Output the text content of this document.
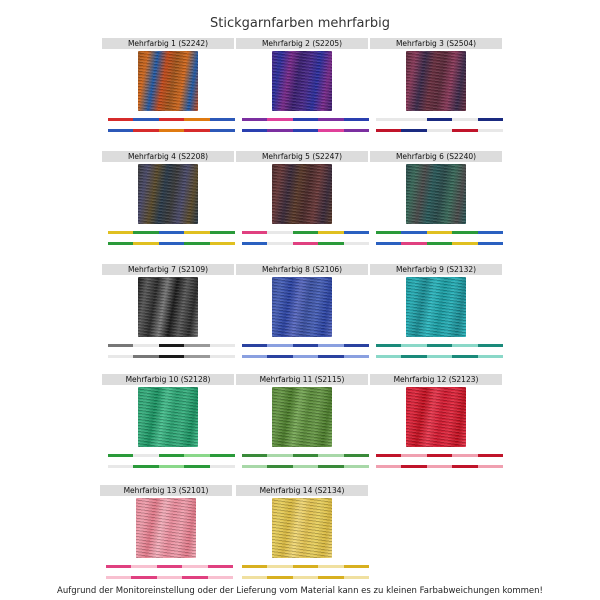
Stickgarnfarben mehrfarbig
Mehrfarbig 1 (S2242)	Mehrfarbig 2 (S2205)	Mehrfarbig 3 (S2504)
Mehrfarbig 4 (S2208)	Mehrfarbig 5 (S2247)	Mehrfarbig 6 (S2240)
Mehrfarbig 7 (S2109)	Mehrfarbig 8 (S2106)	Mehrfarbig 9 (S2132)
Mehrfarbig 10 (S2128)	Mehrfarbig 11 (S2115)	Mehrfarbig 12 (S2123)
Mehrfarbig 13 (S2101)	Mehrfarbig 14 (S2134)
Aufgrund der Monitoreinstellung oder der Lieferung vom Material kann es zu kleinen Farbabweichungen kommen!
